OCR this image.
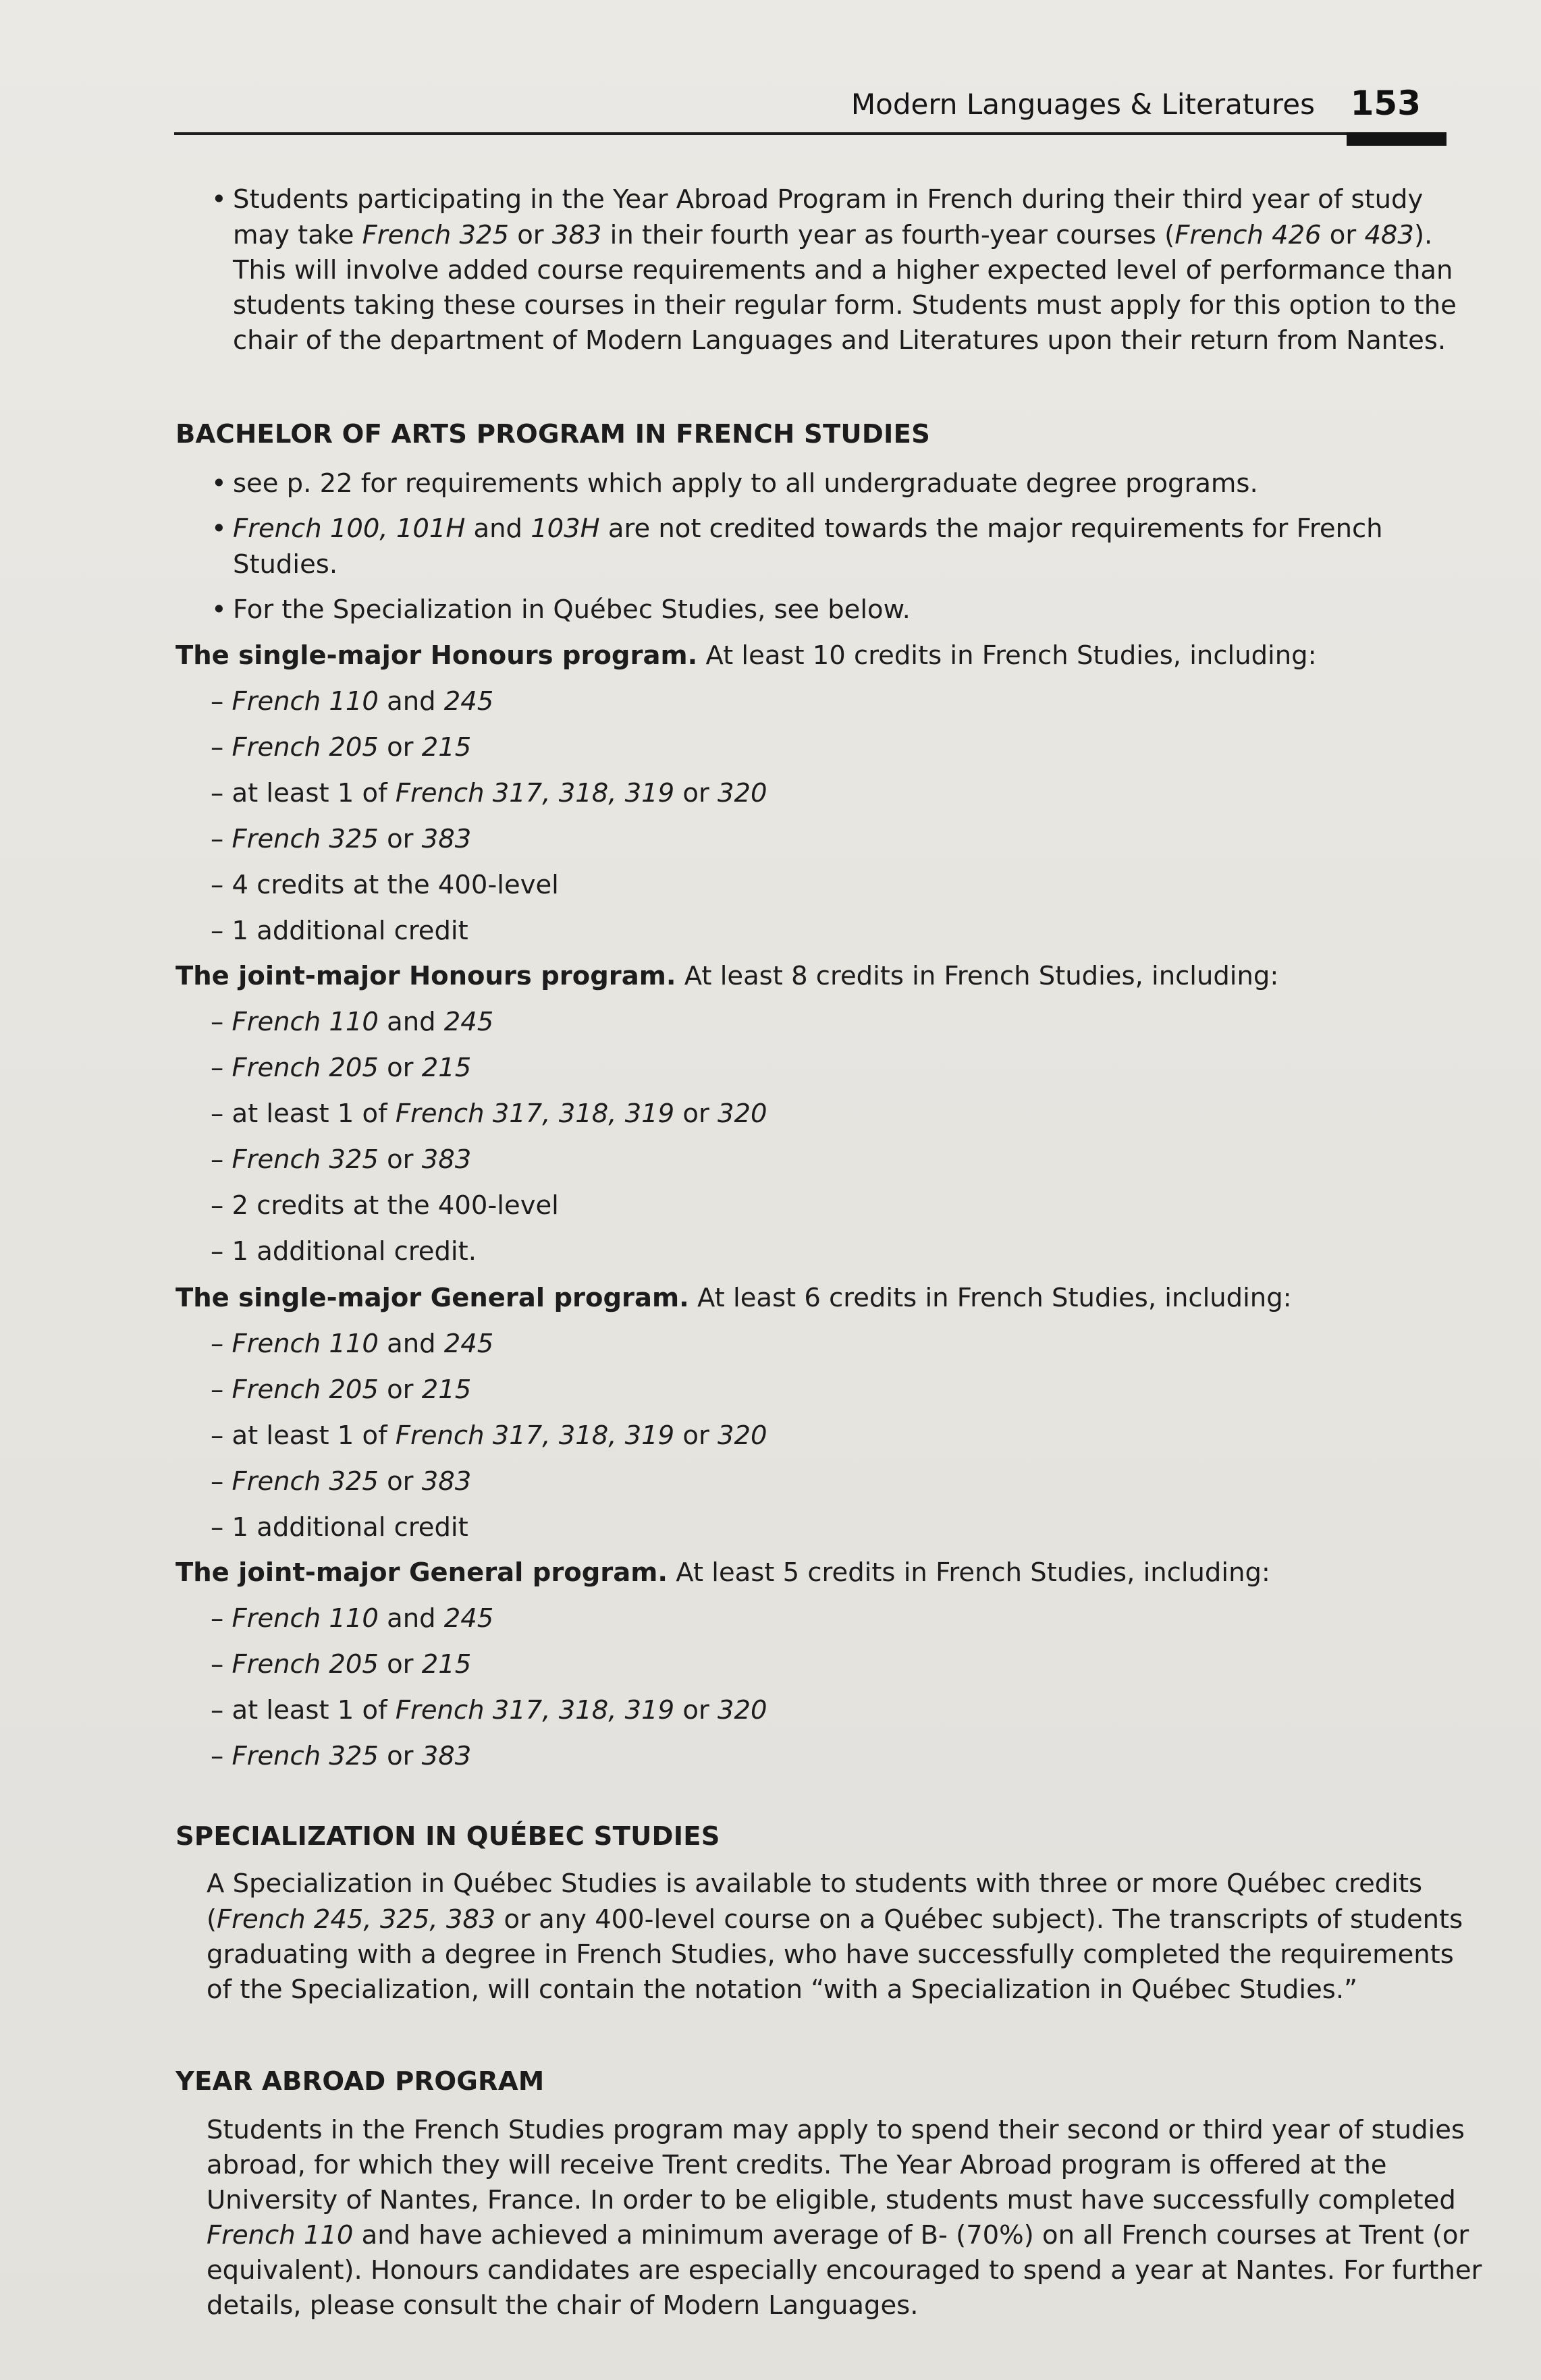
Modern Languages & Literatures 153
• Students participating in the Year Abroad Program in French during their third year of study
may take French 325 or 383 in their fourth year as fourth-year courses (French 426 or 483).
This will involve added course requirements and a higher expected level of performance than
students taking these courses in their regular form. Students must apply for this option to the
chair of the department of Modern Languages and Literatures upon their return from Nantes.
BACHELOR OF ARTS PROGRAM IN FRENCH STUDIES
• see p. 22 for requirements which apply to all undergraduate degree programs.
• French 100, 101H and 103H are not credited towards the major requirements for French
Studies.
• For the Specialization in Québec Studies, see below.
The single-major Honours program. At least 10 credits in French Studies, including:
– French 110 and 245
– French 205 or 215
– at least 1 of French 317, 318, 319 or 320
– French 325 or 383
– 4 credits at the 400-level
– 1 additional credit
The joint-major Honours program. At least 8 credits in French Studies, including:
– French 110 and 245
– French 205 or 215
– at least 1 of French 317, 318, 319 or 320
– French 325 or 383
– 2 credits at the 400-level
– 1 additional credit.
The single-major General program. At least 6 credits in French Studies, including:
– French 110 and 245
– French 205 or 215
– at least 1 of French 317, 318, 319 or 320
– French 325 or 383
– 1 additional credit
The joint-major General program. At least 5 credits in French Studies, including:
– French 110 and 245
– French 205 or 215
– at least 1 of French 317, 318, 319 or 320
– French 325 or 383
SPECIALIZATION IN QUÉBEC STUDIES
A Specialization in Québec Studies is available to students with three or more Québec credits
(French 245, 325, 383 or any 400-level course on a Québec subject). The transcripts of students
graduating with a degree in French Studies, who have successfully completed the requirements
of the Specialization, will contain the notation “with a Specialization in Québec Studies.”
YEAR ABROAD PROGRAM
Students in the French Studies program may apply to spend their second or third year of studies
abroad, for which they will receive Trent credits. The Year Abroad program is offered at the
University of Nantes, France. In order to be eligible, students must have successfully completed
French 110 and have achieved a minimum average of B- (70%) on all French courses at Trent (or
equivalent). Honours candidates are especially encouraged to spend a year at Nantes. For further
details, please consult the chair of Modern Languages.
